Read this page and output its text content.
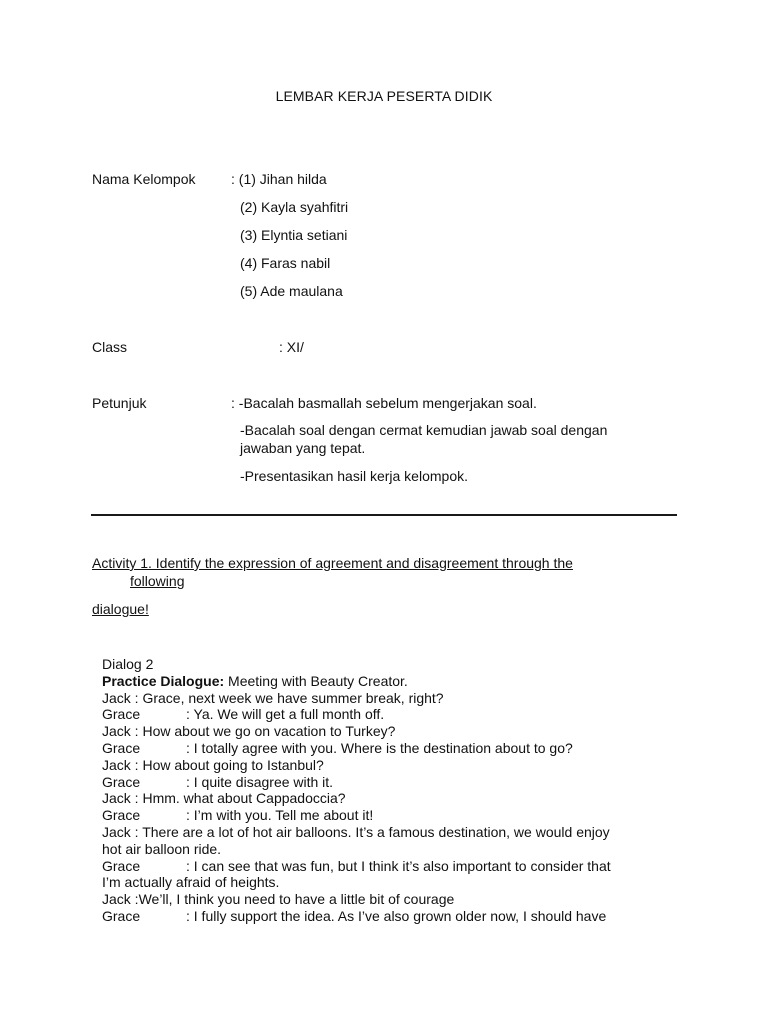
LEMBAR KERJA PESERTA DIDIK
Nama Kelompok	: (1) Jihan hilda
(2) Kayla syahfitri
(3) Elyntia setiani
(4) Faras nabil
(5) Ade maulana
Class	: XI/
Petunjuk	: -Bacalah basmallah sebelum mengerjakan soal.
-Bacalah soal dengan cermat kemudian jawab soal dengan
jawaban yang tepat.
-Presentasikan hasil kerja kelompok.
Activity 1. Identify the expression of agreement and disagreement through the
following
dialogue!
Dialog 2
Practice Dialogue: Meeting with Beauty Creator.
Jack : Grace, next week we have summer break, right?
Grace	: Ya. We will get a full month off.
Jack : How about we go on vacation to Turkey?
Grace	: I totally agree with you. Where is the destination about to go?
Jack : How about going to Istanbul?
Grace	: I quite disagree with it.
Jack : Hmm. what about Cappadoccia?
Grace	: I’m with you. Tell me about it!
Jack : There are a lot of hot air balloons. It’s a famous destination, we would enjoy
hot air balloon ride.
Grace	: I can see that was fun, but I think it’s also important to consider that
I’m actually afraid of heights.
Jack :We’ll, I think you need to have a little bit of courage
Grace	: I fully support the idea. As I’ve also grown older now, I should have
